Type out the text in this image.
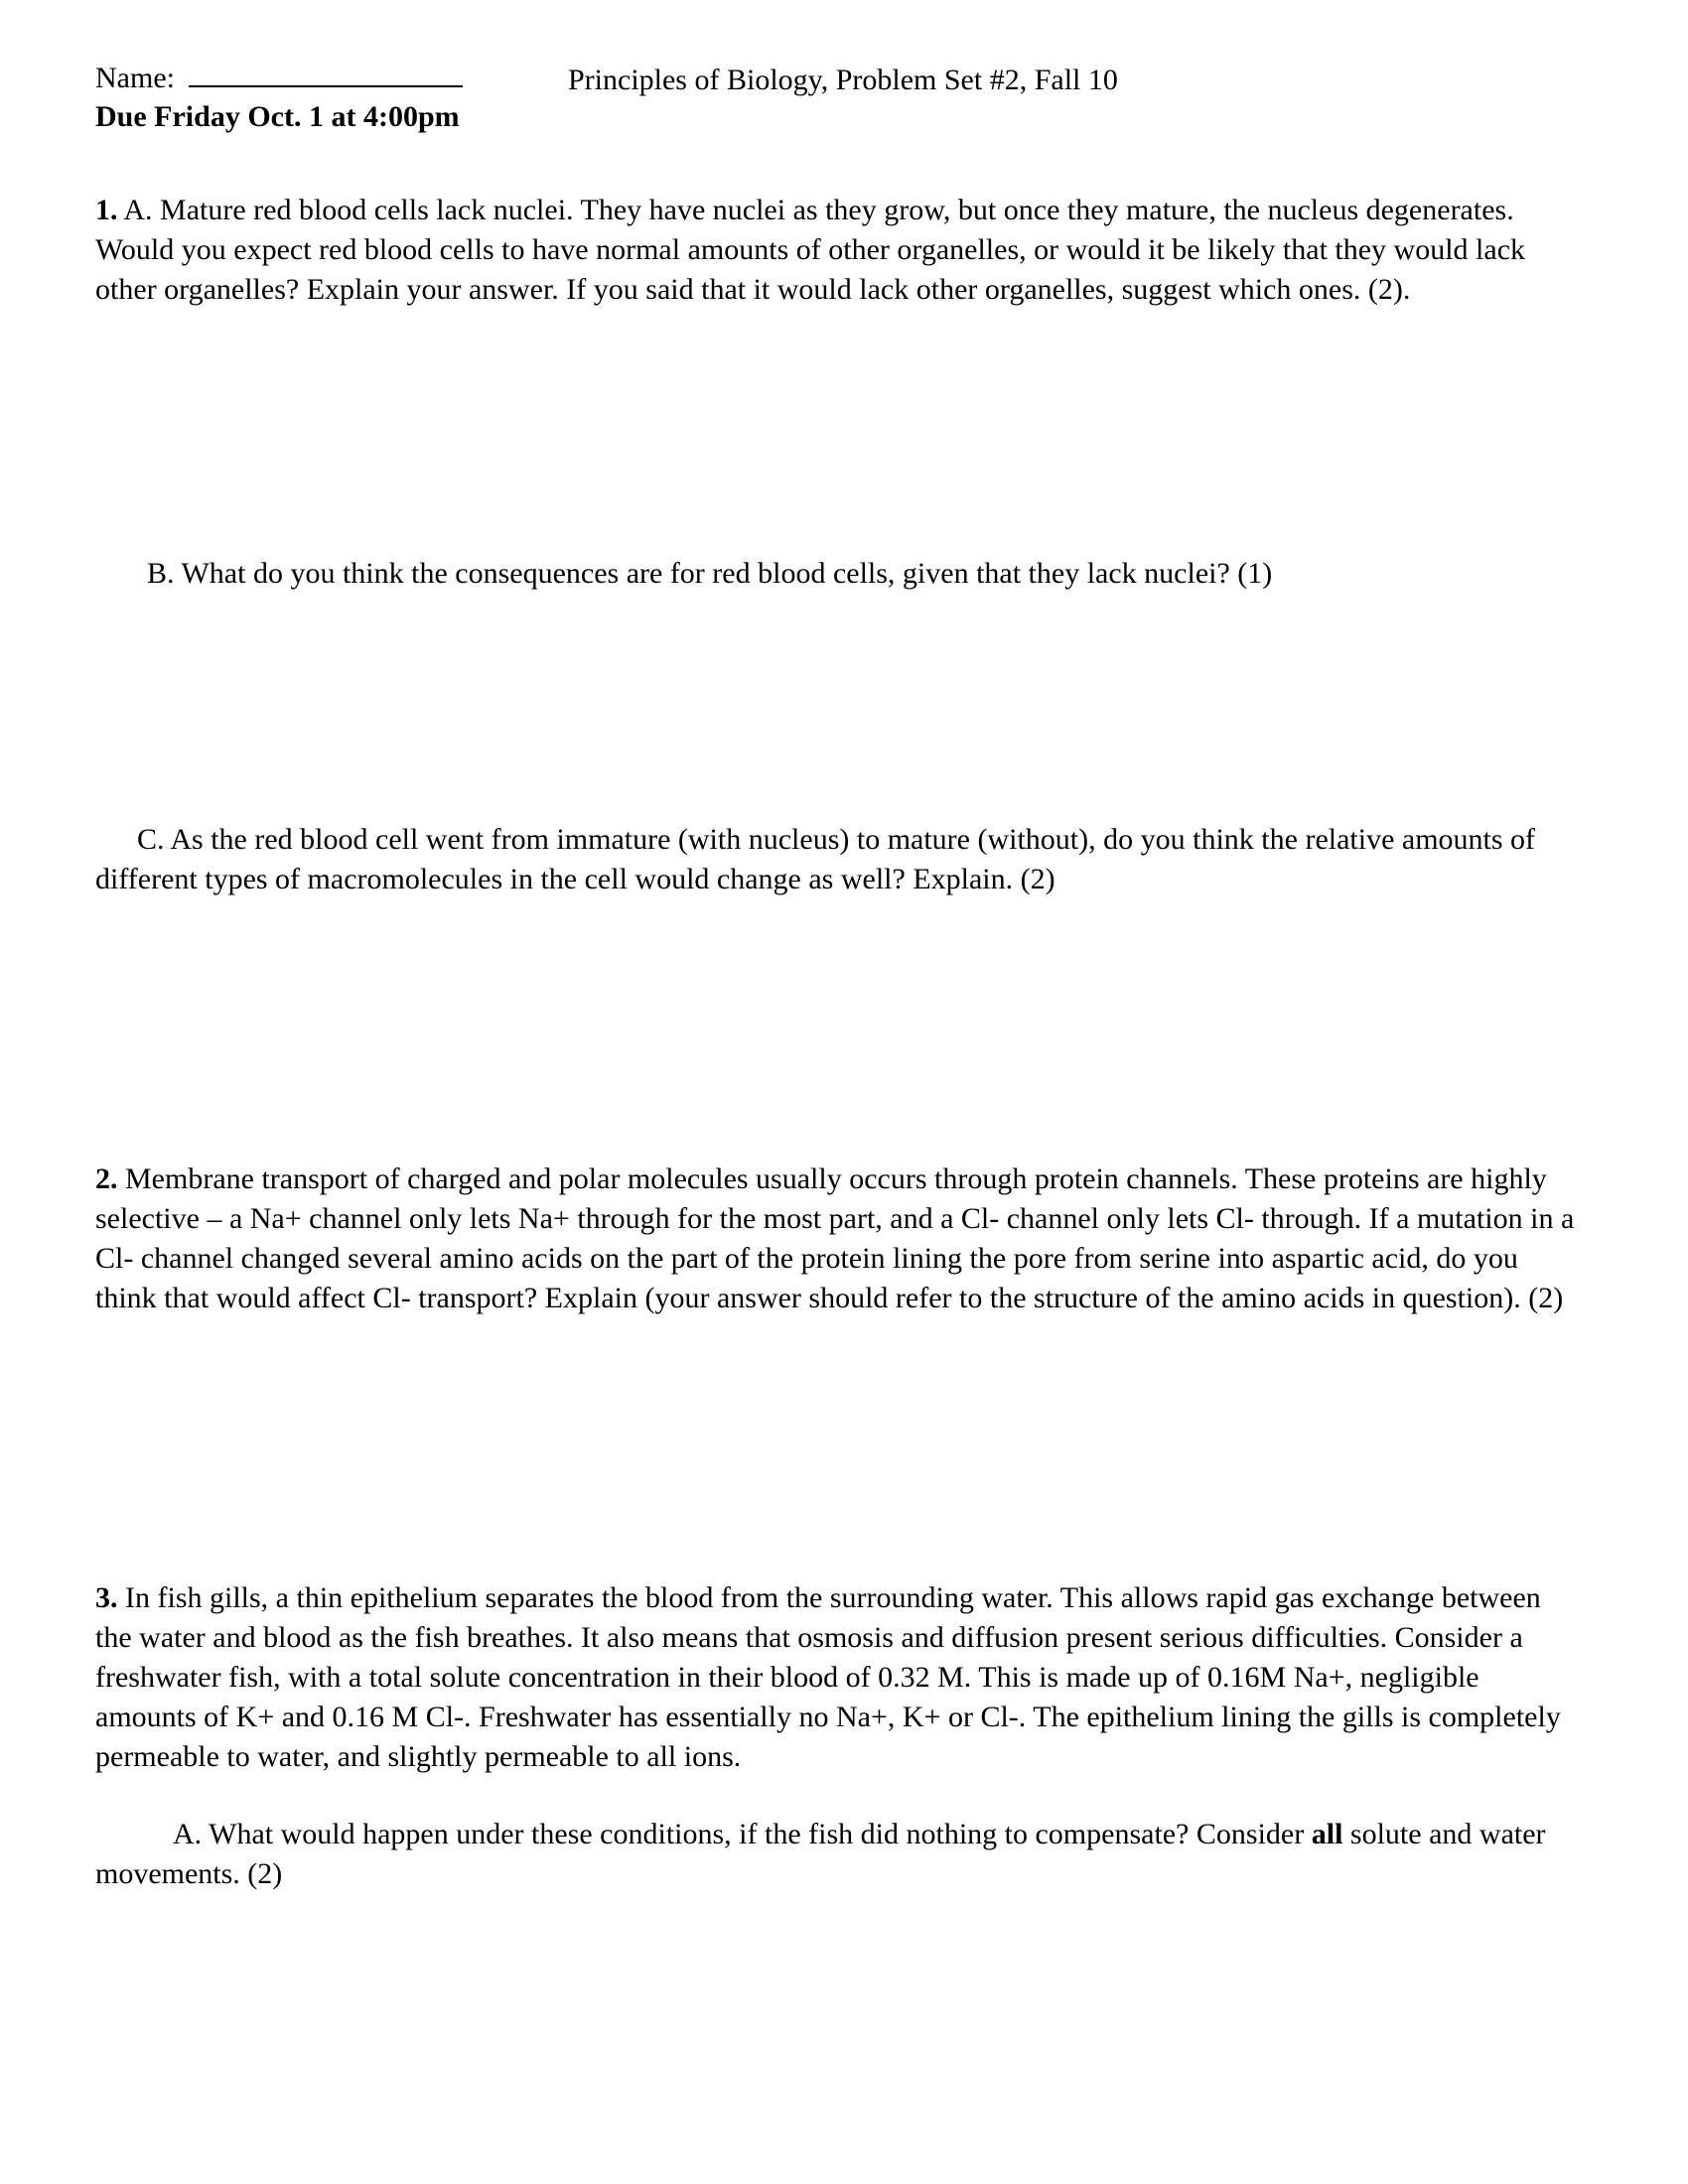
Name:	Principles of Biology, Problem Set #2, Fall 10
Due Friday Oct. 1 at 4:00pm
1. A. Mature red blood cells lack nuclei. They have nuclei as they grow, but once they mature, the nucleus degenerates. Would you expect red blood cells to have normal amounts of other organelles, or would it be likely that they would lack other organelles? Explain your answer. If you said that it would lack other organelles, suggest which ones. (2).
B. What do you think the consequences are for red blood cells, given that they lack nuclei? (1)
C. As the red blood cell went from immature (with nucleus) to mature (without), do you think the relative amounts of different types of macromolecules in the cell would change as well? Explain. (2)
2. Membrane transport of charged and polar molecules usually occurs through protein channels. These proteins are highly selective – a Na+ channel only lets Na+ through for the most part, and a Cl- channel only lets Cl- through. If a mutation in a Cl- channel changed several amino acids on the part of the protein lining the pore from serine into aspartic acid, do you think that would affect Cl- transport? Explain (your answer should refer to the structure of the amino acids in question). (2)
3. In fish gills, a thin epithelium separates the blood from the surrounding water. This allows rapid gas exchange between the water and blood as the fish breathes. It also means that osmosis and diffusion present serious difficulties. Consider a freshwater fish, with a total solute concentration in their blood of 0.32 M. This is made up of 0.16M Na+, negligible amounts of K+ and 0.16 M Cl-. Freshwater has essentially no Na+, K+ or Cl-. The epithelium lining the gills is completely permeable to water, and slightly permeable to all ions.
A. What would happen under these conditions, if the fish did nothing to compensate? Consider all solute and water movements. (2)
